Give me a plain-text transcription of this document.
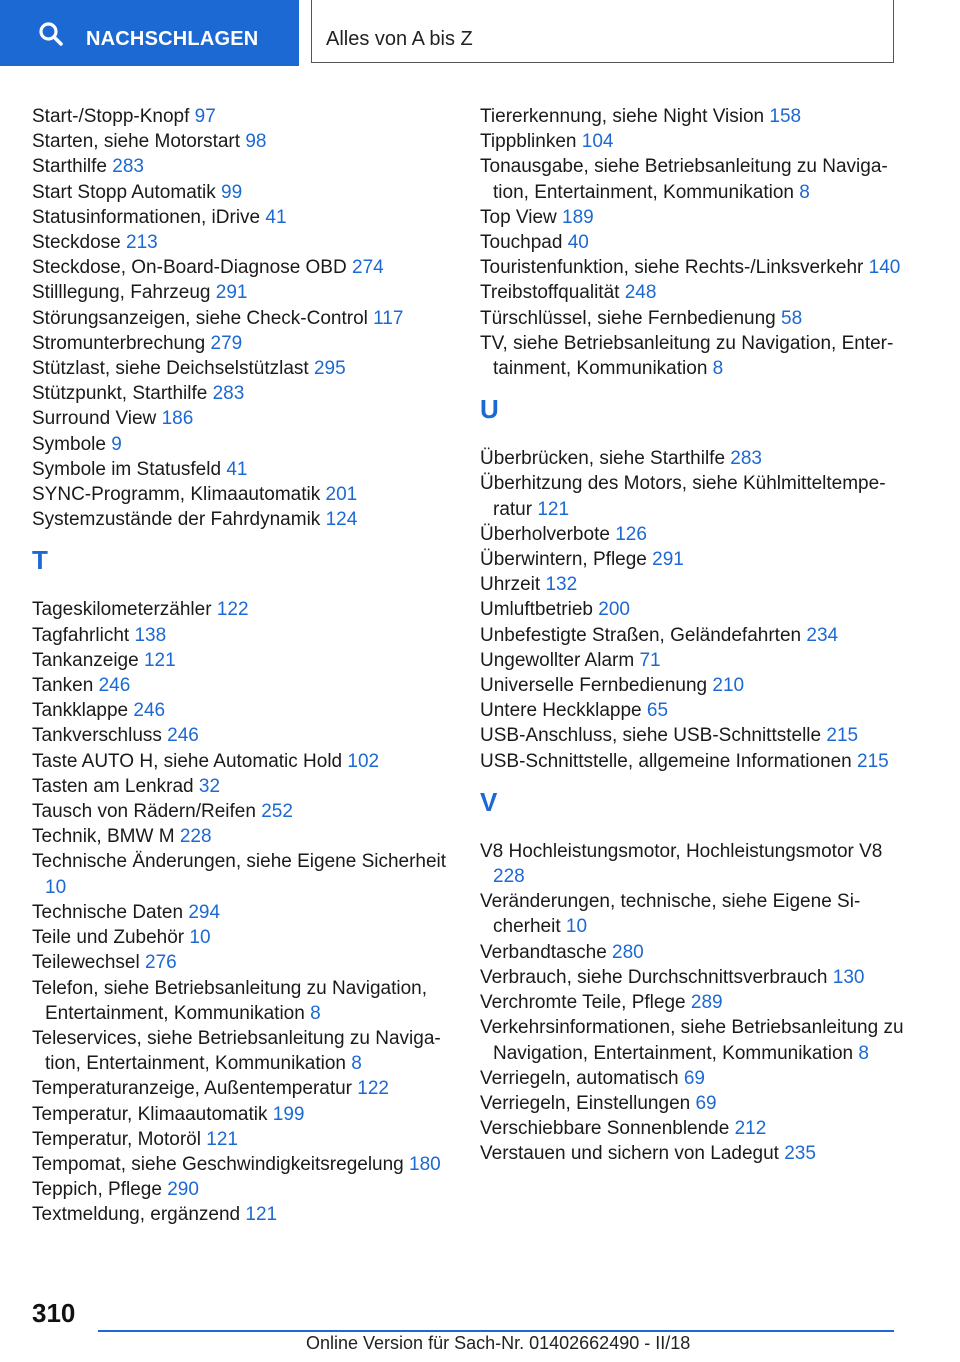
NACHSCHLAGEN	Alles von A bis Z
Start-/Stopp-Knopf 97
Starten, siehe Motorstart 98
Starthilfe 283
Start Stopp Automatik 99
Statusinformationen, iDrive 41
Steckdose 213
Steckdose, On-Board-Diagnose OBD 274
Stilllegung, Fahrzeug 291
Störungsanzeigen, siehe Check-Control 117
Stromunterbrechung 279
Stützlast, siehe Deichselstützlast 295
Stützpunkt, Starthilfe 283
Surround View 186
Symbole 9
Symbole im Statusfeld 41
SYNC-Programm, Klimaautomatik 201
Systemzustände der Fahrdynamik 124
T
Tageskilometerzähler 122
Tagfahrlicht 138
Tankanzeige 121
Tanken 246
Tankklappe 246
Tankverschluss 246
Taste AUTO H, siehe Automatic Hold 102
Tasten am Lenkrad 32
Tausch von Rädern/Reifen 252
Technik, BMW M 228
Technische Änderungen, siehe Eigene Sicherheit 10
Technische Daten 294
Teile und Zubehör 10
Teilewechsel 276
Telefon, siehe Betriebsanleitung zu Navigation, Entertainment, Kommunikation 8
Teleservices, siehe Betriebsanleitung zu Navigation, Entertainment, Kommunikation 8
Temperaturanzeige, Außentemperatur 122
Temperatur, Klimaautomatik 199
Temperatur, Motoröl 121
Tempomat, siehe Geschwindigkeitsregelung 180
Teppich, Pflege 290
Textmeldung, ergänzend 121
Tiererkennung, siehe Night Vision 158
Tippblinken 104
Tonausgabe, siehe Betriebsanleitung zu Navigation, Entertainment, Kommunikation 8
Top View 189
Touchpad 40
Touristenfunktion, siehe Rechts-/Linksverkehr 140
Treibstoffqualität 248
Türschlüssel, siehe Fernbedienung 58
TV, siehe Betriebsanleitung zu Navigation, Entertainment, Kommunikation 8
U
Überbrücken, siehe Starthilfe 283
Überhitzung des Motors, siehe Kühlmitteltemperatur 121
Überholverbote 126
Überwintern, Pflege 291
Uhrzeit 132
Umluftbetrieb 200
Unbefestigte Straßen, Geländefahrten 234
Ungewollter Alarm 71
Universelle Fernbedienung 210
Untere Heckklappe 65
USB-Anschluss, siehe USB-Schnittstelle 215
USB-Schnittstelle, allgemeine Informationen 215
V
V8 Hochleistungsmotor, Hochleistungsmotor V8 228
Veränderungen, technische, siehe Eigene Sicherheit 10
Verbandtasche 280
Verbrauch, siehe Durchschnittsverbrauch 130
Verchromte Teile, Pflege 289
Verkehrsinformationen, siehe Betriebsanleitung zu Navigation, Entertainment, Kommunikation 8
Verriegeln, automatisch 69
Verriegeln, Einstellungen 69
Verschiebbare Sonnenblende 212
Verstauen und sichern von Ladegut 235
310
Online Version für Sach-Nr. 01402662490 - II/18
